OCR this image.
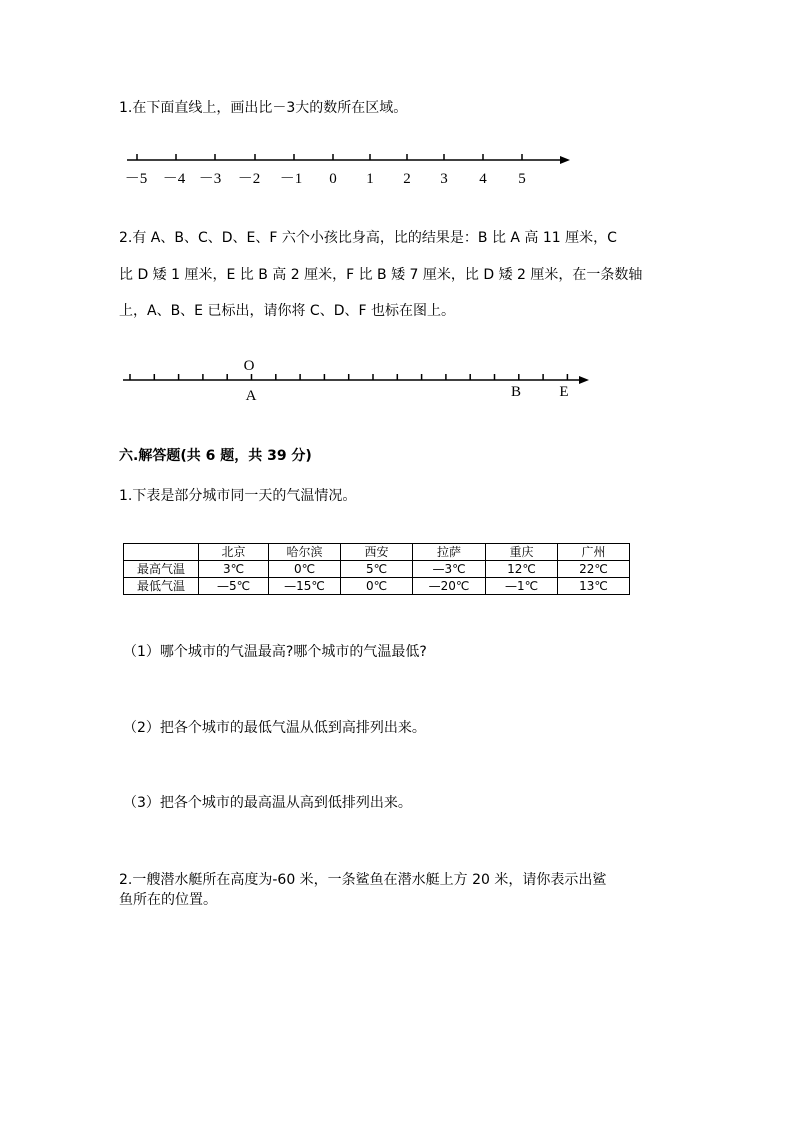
1.在下面直线上，画出比－3大的数所在区域。
－5 －4 －3 －2 －1 0 1 2 3 4 5
2.有 A、B、C、D、E、F 六个小孩比身高，比的结果是：B 比 A 高 11 厘米，C
比 D 矮 1 厘米，E 比 B 高 2 厘米，F 比 B 矮 7 厘米，比 D 矮 2 厘米，在一条数轴
上，A、B、E 已标出，请你将 C、D、F 也标在图上。
O
A	B	E
六.解答题(共 6 题，共 39 分)
1.下表是部分城市同一天的气温情况。
	北京	哈尔滨	西安	拉萨	重庆	广州
最高气温	3℃	0℃	5℃	—3℃	12℃	22℃
最低气温	—5℃	—15℃	0℃	—20℃	—1℃	13℃
（1）哪个城市的气温最高?哪个城市的气温最低?
（2）把各个城市的最低气温从低到高排列出来。
（3）把各个城市的最高温从高到低排列出来。
2.一艘潜水艇所在高度为-60 米，一条鲨鱼在潜水艇上方 20 米，请你表示出鲨
鱼所在的位置。
